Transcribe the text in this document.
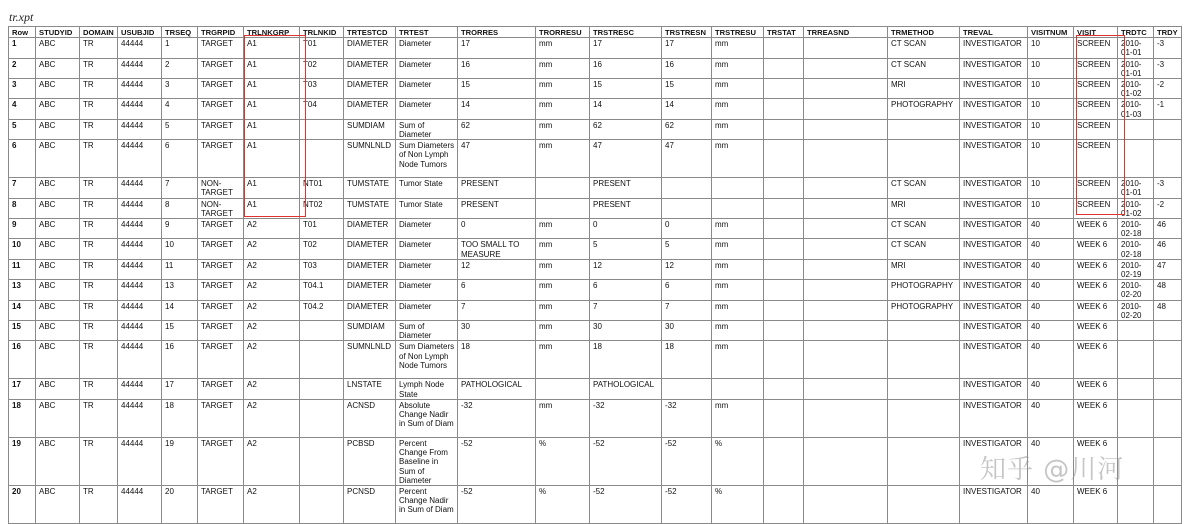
tr.xpt
Row	STUDYID	DOMAIN	USUBJID	TRSEQ	TRGRPID	TRLNKGRP	TRLNKID	TRTESTCD	TRTEST	TRORRES	TRORRESU	TRSTRESC	TRSTRESN	TRSTRESU	TRSTAT	TRREASND	TRMETHOD	TREVAL	VISITNUM	VISIT	TRDTC	TRDY
1	ABC	TR	44444	1	TARGET	A1	T01	DIAMETER	Diameter	17	mm	17	17	mm			CT SCAN	INVESTIGATOR	10	SCREEN	2010-01-01	-3
2	ABC	TR	44444	2	TARGET	A1	T02	DIAMETER	Diameter	16	mm	16	16	mm			CT SCAN	INVESTIGATOR	10	SCREEN	2010-01-01	-3
3	ABC	TR	44444	3	TARGET	A1	T03	DIAMETER	Diameter	15	mm	15	15	mm			MRI	INVESTIGATOR	10	SCREEN	2010-01-02	-2
4	ABC	TR	44444	4	TARGET	A1	T04	DIAMETER	Diameter	14	mm	14	14	mm			PHOTOGRAPHY	INVESTIGATOR	10	SCREEN	2010-01-03	-1
5	ABC	TR	44444	5	TARGET	A1		SUMDIAM	Sum of Diameter	62	mm	62	62	mm				INVESTIGATOR	10	SCREEN		
6	ABC	TR	44444	6	TARGET	A1		SUMNLNLD	Sum Diameters of Non Lymph Node Tumors	47	mm	47	47	mm				INVESTIGATOR	10	SCREEN		
7	ABC	TR	44444	7	NON-TARGET	A1	NT01	TUMSTATE	Tumor State	PRESENT		PRESENT					CT SCAN	INVESTIGATOR	10	SCREEN	2010-01-01	-3
8	ABC	TR	44444	8	NON-TARGET	A1	NT02	TUMSTATE	Tumor State	PRESENT		PRESENT					MRI	INVESTIGATOR	10	SCREEN	2010-01-02	-2
9	ABC	TR	44444	9	TARGET	A2	T01	DIAMETER	Diameter	0	mm	0	0	mm			CT SCAN	INVESTIGATOR	40	WEEK 6	2010-02-18	46
10	ABC	TR	44444	10	TARGET	A2	T02	DIAMETER	Diameter	TOO SMALL TO MEASURE	mm	5	5	mm			CT SCAN	INVESTIGATOR	40	WEEK 6	2010-02-18	46
11	ABC	TR	44444	11	TARGET	A2	T03	DIAMETER	Diameter	12	mm	12	12	mm			MRI	INVESTIGATOR	40	WEEK 6	2010-02-19	47
13	ABC	TR	44444	13	TARGET	A2	T04.1	DIAMETER	Diameter	6	mm	6	6	mm			PHOTOGRAPHY	INVESTIGATOR	40	WEEK 6	2010-02-20	48
14	ABC	TR	44444	14	TARGET	A2	T04.2	DIAMETER	Diameter	7	mm	7	7	mm			PHOTOGRAPHY	INVESTIGATOR	40	WEEK 6	2010-02-20	48
15	ABC	TR	44444	15	TARGET	A2		SUMDIAM	Sum of Diameter	30	mm	30	30	mm				INVESTIGATOR	40	WEEK 6		
16	ABC	TR	44444	16	TARGET	A2		SUMNLNLD	Sum Diameters of Non Lymph Node Tumors	18	mm	18	18	mm				INVESTIGATOR	40	WEEK 6		
17	ABC	TR	44444	17	TARGET	A2		LNSTATE	Lymph Node State	PATHOLOGICAL		PATHOLOGICAL						INVESTIGATOR	40	WEEK 6		
18	ABC	TR	44444	18	TARGET	A2		ACNSD	Absolute Change Nadir in Sum of Diam	-32	mm	-32	-32	mm				INVESTIGATOR	40	WEEK 6		
19	ABC	TR	44444	19	TARGET	A2		PCBSD	Percent Change From Baseline in Sum of Diameter	-52	%	-52	-52	%				INVESTIGATOR	40	WEEK 6		
20	ABC	TR	44444	20	TARGET	A2		PCNSD	Percent Change Nadir in Sum of Diam	-52	%	-52	-52	%				INVESTIGATOR	40	WEEK 6		
知乎 @川河
